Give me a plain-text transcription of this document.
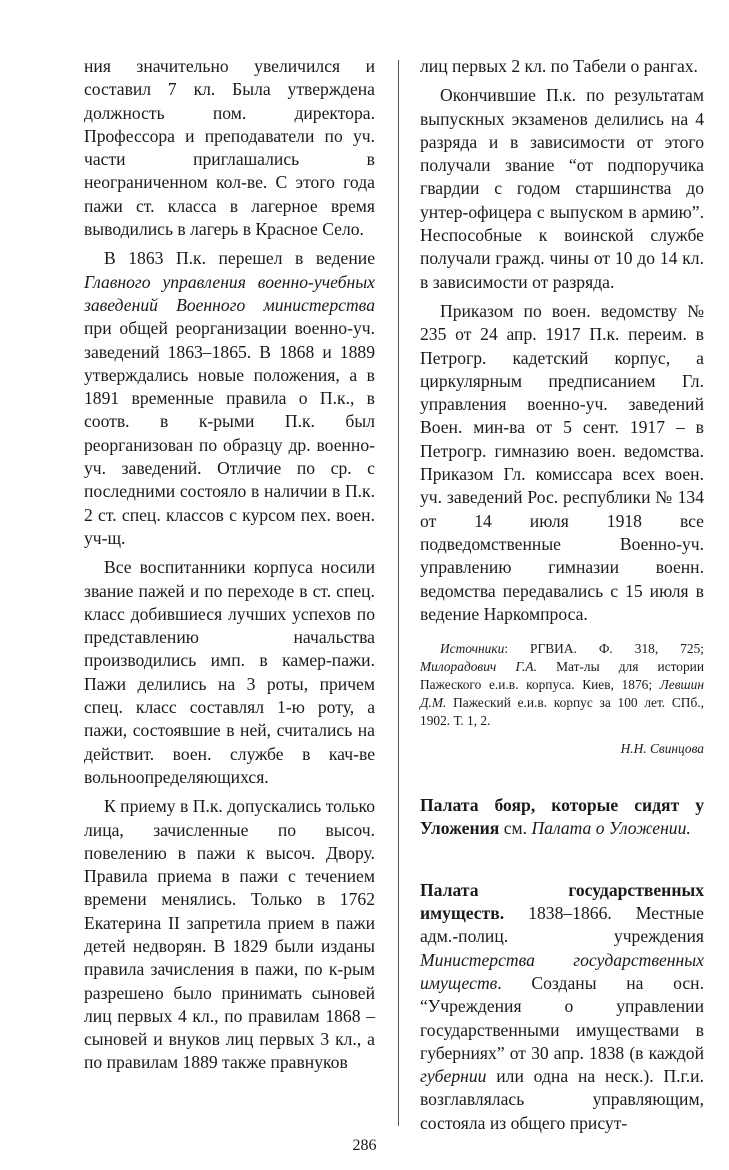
ния значительно увеличился и составил 7 кл. Была утверждена должность пом. директора. Профессора и преподаватели по уч. части приглашались в неограниченном кол-ве. С этого года пажи ст. класса в лагерное время выводились в лагерь в Красное Село.

В 1863 П.к. перешел в ведение Главного управления военно-учебных заведений Военного министерства при общей реорганизации военно-уч. заведений 1863–1865. В 1868 и 1889 утверждались новые положения, а в 1891 временные правила о П.к., в соотв. в к-рыми П.к. был реорганизован по образцу др. военно-уч. заведений. Отличие по ср. с последними состояло в наличии в П.к. 2 ст. спец. классов с курсом пех. воен. уч-щ.

Все воспитанники корпуса носили звание пажей и по переходе в ст. спец. класс добившиеся лучших успехов по представлению начальства производились имп. в камер-пажи. Пажи делились на 3 роты, причем спец. класс составлял 1-ю роту, а пажи, состоявшие в ней, считались на действит. воен. службе в кач-ве вольноопределяющихся.

К приему в П.к. допускались только лица, зачисленные по высоч. повелению в пажи к высоч. Двору. Правила приема в пажи с течением времени менялись. Только в 1762 Екатерина II запретила прием в пажи детей недворян. В 1829 были изданы правила зачисления в пажи, по к-рым разрешено было принимать сыновей лиц первых 4 кл., по правилам 1868 – сыновей и внуков лиц первых 3 кл., а по правилам 1889 также правнуков

лиц первых 2 кл. по Табели о рангах.

Окончившие П.к. по результатам выпускных экзаменов делились на 4 разряда и в зависимости от этого получали звание “от подпоручика гвардии с годом старшинства до унтер-офицера с выпуском в армию”. Неспособные к воинской службе получали гражд. чины от 10 до 14 кл. в зависимости от разряда.

Приказом по воен. ведомству № 235 от 24 апр. 1917 П.к. переим. в Петрогр. кадетский корпус, а циркулярным предписанием Гл. управления военно-уч. заведений Воен. мин-ва от 5 сент. 1917 – в Петрогр. гимназию воен. ведомства. Приказом Гл. комиссара всех воен. уч. заведений Рос. республики № 134 от 14 июля 1918 все подведомственные Военно-уч. управлению гимназии военн. ведомства передавались с 15 июля в ведение Наркомпроса.

Источники: РГВИА. Ф. 318, 725; Милорадович Г.А. Мат-лы для истории Пажеского е.и.в. корпуса. Киев, 1876; Левшин Д.М. Пажеский е.и.в. корпус за 100 лет. СПб., 1902. Т. 1, 2.

Н.Н. Свинцова

Палата бояр, которые сидят у Уложения см. Палата о Уложении.

Палата государственных имуществ. 1838–1866. Местные адм.-полиц. учреждения Министерства государственных имуществ. Созданы на осн. “Учреждения о управлении государственными имуществами в губерниях” от 30 апр. 1838 (в каждой губернии или одна на неск.). П.г.и. возглавлялась управляющим, состояла из общего присут-

286
